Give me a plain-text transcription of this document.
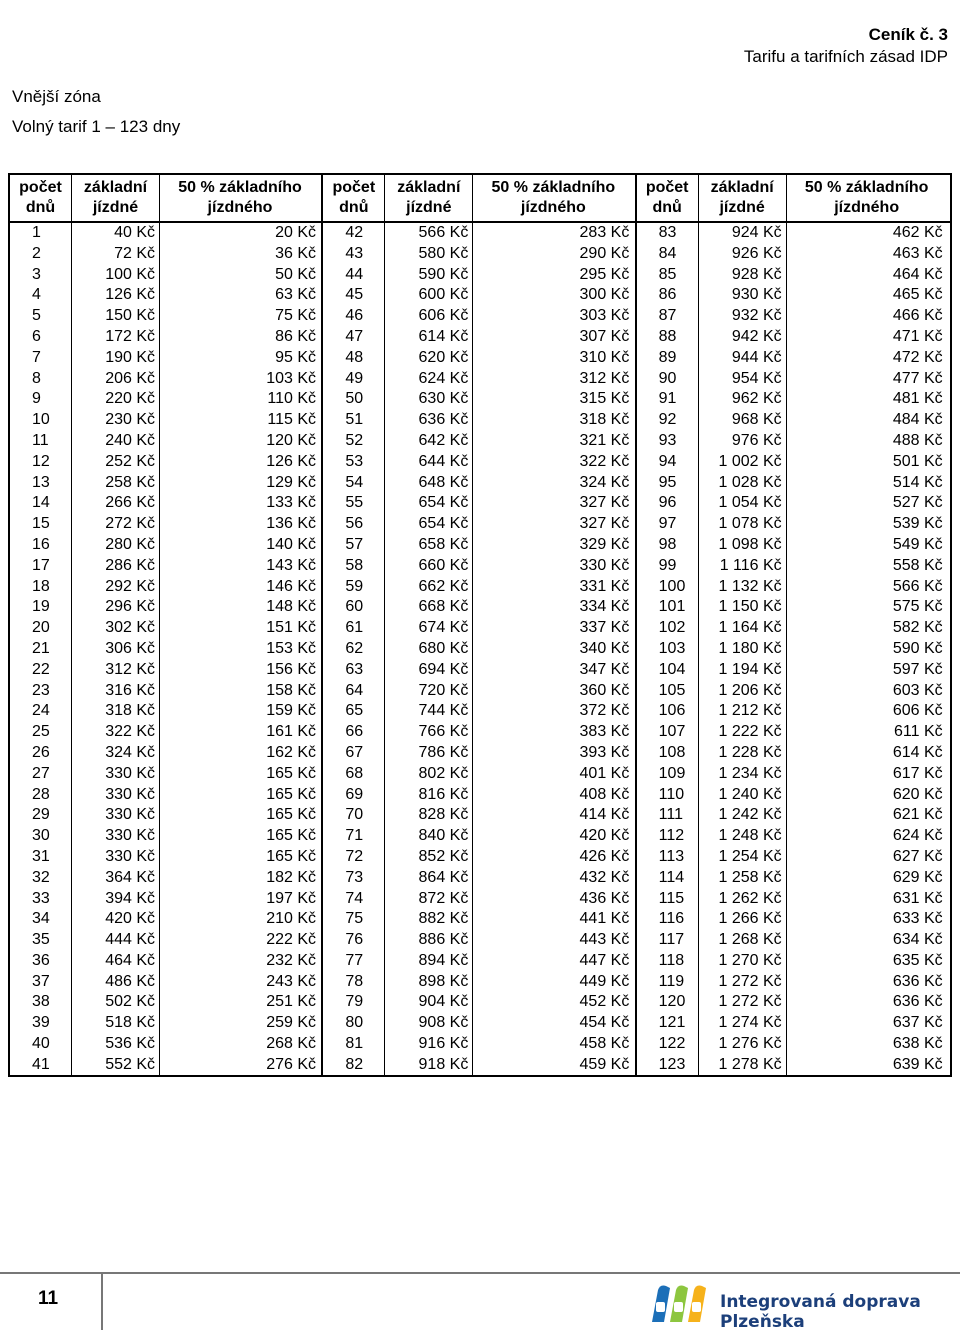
Ceník č. 3
Tarifu a tarifních zásad IDP
Vnější zóna
Volný tarif 1 – 123 dny
počet
dnů
základní
jízdné
50 % základního
jízdného
1	40 Kč	20 Kč
2	72 Kč	36 Kč
3	100 Kč	50 Kč
4	126 Kč	63 Kč
5	150 Kč	75 Kč
6	172 Kč	86 Kč
7	190 Kč	95 Kč
8	206 Kč	103 Kč
9	220 Kč	110 Kč
10	230 Kč	115 Kč
11	240 Kč	120 Kč
12	252 Kč	126 Kč
13	258 Kč	129 Kč
14	266 Kč	133 Kč
15	272 Kč	136 Kč
16	280 Kč	140 Kč
17	286 Kč	143 Kč
18	292 Kč	146 Kč
19	296 Kč	148 Kč
20	302 Kč	151 Kč
21	306 Kč	153 Kč
22	312 Kč	156 Kč
23	316 Kč	158 Kč
24	318 Kč	159 Kč
25	322 Kč	161 Kč
26	324 Kč	162 Kč
27	330 Kč	165 Kč
28	330 Kč	165 Kč
29	330 Kč	165 Kč
30	330 Kč	165 Kč
31	330 Kč	165 Kč
32	364 Kč	182 Kč
33	394 Kč	197 Kč
34	420 Kč	210 Kč
35	444 Kč	222 Kč
36	464 Kč	232 Kč
37	486 Kč	243 Kč
38	502 Kč	251 Kč
39	518 Kč	259 Kč
40	536 Kč	268 Kč
41	552 Kč	276 Kč
počet
dnů
základní
jízdné
50 % základního
jízdného
42	566 Kč	283 Kč
43	580 Kč	290 Kč
44	590 Kč	295 Kč
45	600 Kč	300 Kč
46	606 Kč	303 Kč
47	614 Kč	307 Kč
48	620 Kč	310 Kč
49	624 Kč	312 Kč
50	630 Kč	315 Kč
51	636 Kč	318 Kč
52	642 Kč	321 Kč
53	644 Kč	322 Kč
54	648 Kč	324 Kč
55	654 Kč	327 Kč
56	654 Kč	327 Kč
57	658 Kč	329 Kč
58	660 Kč	330 Kč
59	662 Kč	331 Kč
60	668 Kč	334 Kč
61	674 Kč	337 Kč
62	680 Kč	340 Kč
63	694 Kč	347 Kč
64	720 Kč	360 Kč
65	744 Kč	372 Kč
66	766 Kč	383 Kč
67	786 Kč	393 Kč
68	802 Kč	401 Kč
69	816 Kč	408 Kč
70	828 Kč	414 Kč
71	840 Kč	420 Kč
72	852 Kč	426 Kč
73	864 Kč	432 Kč
74	872 Kč	436 Kč
75	882 Kč	441 Kč
76	886 Kč	443 Kč
77	894 Kč	447 Kč
78	898 Kč	449 Kč
79	904 Kč	452 Kč
80	908 Kč	454 Kč
81	916 Kč	458 Kč
82	918 Kč	459 Kč
počet
dnů
základní
jízdné
50 % základního
jízdného
83	924 Kč	462 Kč
84	926 Kč	463 Kč
85	928 Kč	464 Kč
86	930 Kč	465 Kč
87	932 Kč	466 Kč
88	942 Kč	471 Kč
89	944 Kč	472 Kč
90	954 Kč	477 Kč
91	962 Kč	481 Kč
92	968 Kč	484 Kč
93	976 Kč	488 Kč
94	1 002 Kč	501 Kč
95	1 028 Kč	514 Kč
96	1 054 Kč	527 Kč
97	1 078 Kč	539 Kč
98	1 098 Kč	549 Kč
99	1 116 Kč	558 Kč
100	1 132 Kč	566 Kč
101	1 150 Kč	575 Kč
102	1 164 Kč	582 Kč
103	1 180 Kč	590 Kč
104	1 194 Kč	597 Kč
105	1 206 Kč	603 Kč
106	1 212 Kč	606 Kč
107	1 222 Kč	611 Kč
108	1 228 Kč	614 Kč
109	1 234 Kč	617 Kč
110	1 240 Kč	620 Kč
111	1 242 Kč	621 Kč
112	1 248 Kč	624 Kč
113	1 254 Kč	627 Kč
114	1 258 Kč	629 Kč
115	1 262 Kč	631 Kč
116	1 266 Kč	633 Kč
117	1 268 Kč	634 Kč
118	1 270 Kč	635 Kč
119	1 272 Kč	636 Kč
120	1 272 Kč	636 Kč
121	1 274 Kč	637 Kč
122	1 276 Kč	638 Kč
123	1 278 Kč	639 Kč
11	Integrovaná doprava Plzeňska
